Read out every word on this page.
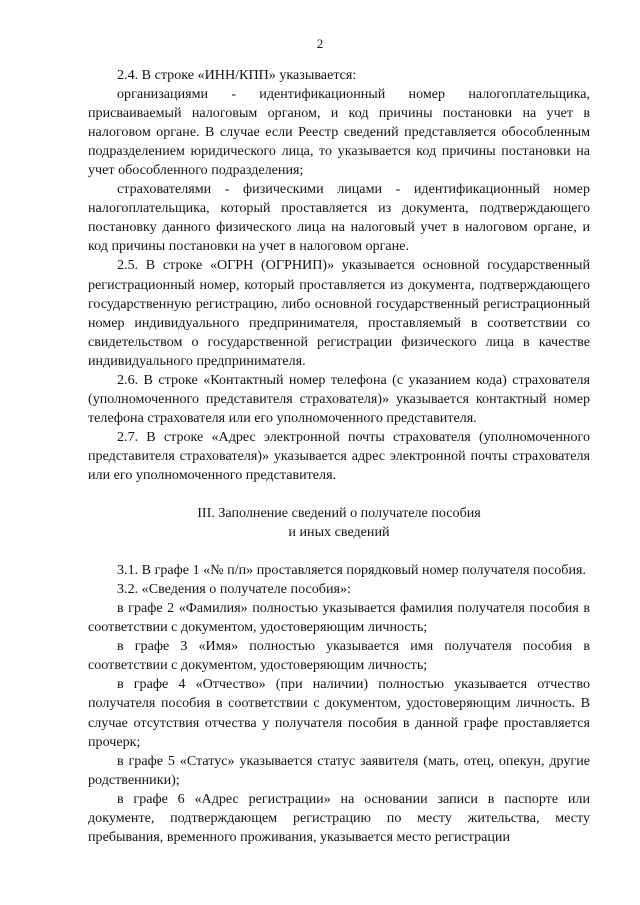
2

2.4. В строке «ИНН/КПП» указывается:

организациями - идентификационный номер налогоплательщика, присваиваемый налоговым органом, и код причины постановки на учет в налоговом органе. В случае если Реестр сведений представляется обособленным подразделением юридического лица, то указывается код причины постановки на учет обособленного подразделения;

страхователями - физическими лицами - идентификационный номер налогоплательщика, который проставляется из документа, подтверждающего постановку данного физического лица на налоговый учет в налоговом органе, и код причины постановки на учет в налоговом органе.

2.5. В строке «ОГРН (ОГРНИП)» указывается основной государственный регистрационный номер, который проставляется из документа, подтверждающего государственную регистрацию, либо основной государственный регистрационный номер индивидуального предпринимателя, проставляемый в соответствии со свидетельством о государственной регистрации физического лица в качестве индивидуального предпринимателя.

2.6. В строке «Контактный номер телефона (с указанием кода) страхователя (уполномоченного представителя страхователя)» указывается контактный номер телефона страхователя или его уполномоченного представителя.

2.7. В строке «Адрес электронной почты страхователя (уполномоченного представителя страхователя)» указывается адрес электронной почты страхователя или его уполномоченного представителя.

III. Заполнение сведений о получателе пособия
и иных сведений

3.1. В графе 1 «№ п/п» проставляется порядковый номер получателя пособия.

3.2. «Сведения о получателе пособия»:

в графе 2 «Фамилия» полностью указывается фамилия получателя пособия в соответствии с документом, удостоверяющим личность;

в графе 3 «Имя» полностью указывается имя получателя пособия в соответствии с документом, удостоверяющим личность;

в графе 4 «Отчество» (при наличии) полностью указывается отчество получателя пособия в соответствии с документом, удостоверяющим личность. В случае отсутствия отчества у получателя пособия в данной графе проставляется прочерк;

в графе 5 «Статус» указывается статус заявителя (мать, отец, опекун, другие родственники);

в графе 6 «Адрес регистрации» на основании записи в паспорте или документе, подтверждающем регистрацию по месту жительства, месту пребывания, временного проживания, указывается место регистрации
